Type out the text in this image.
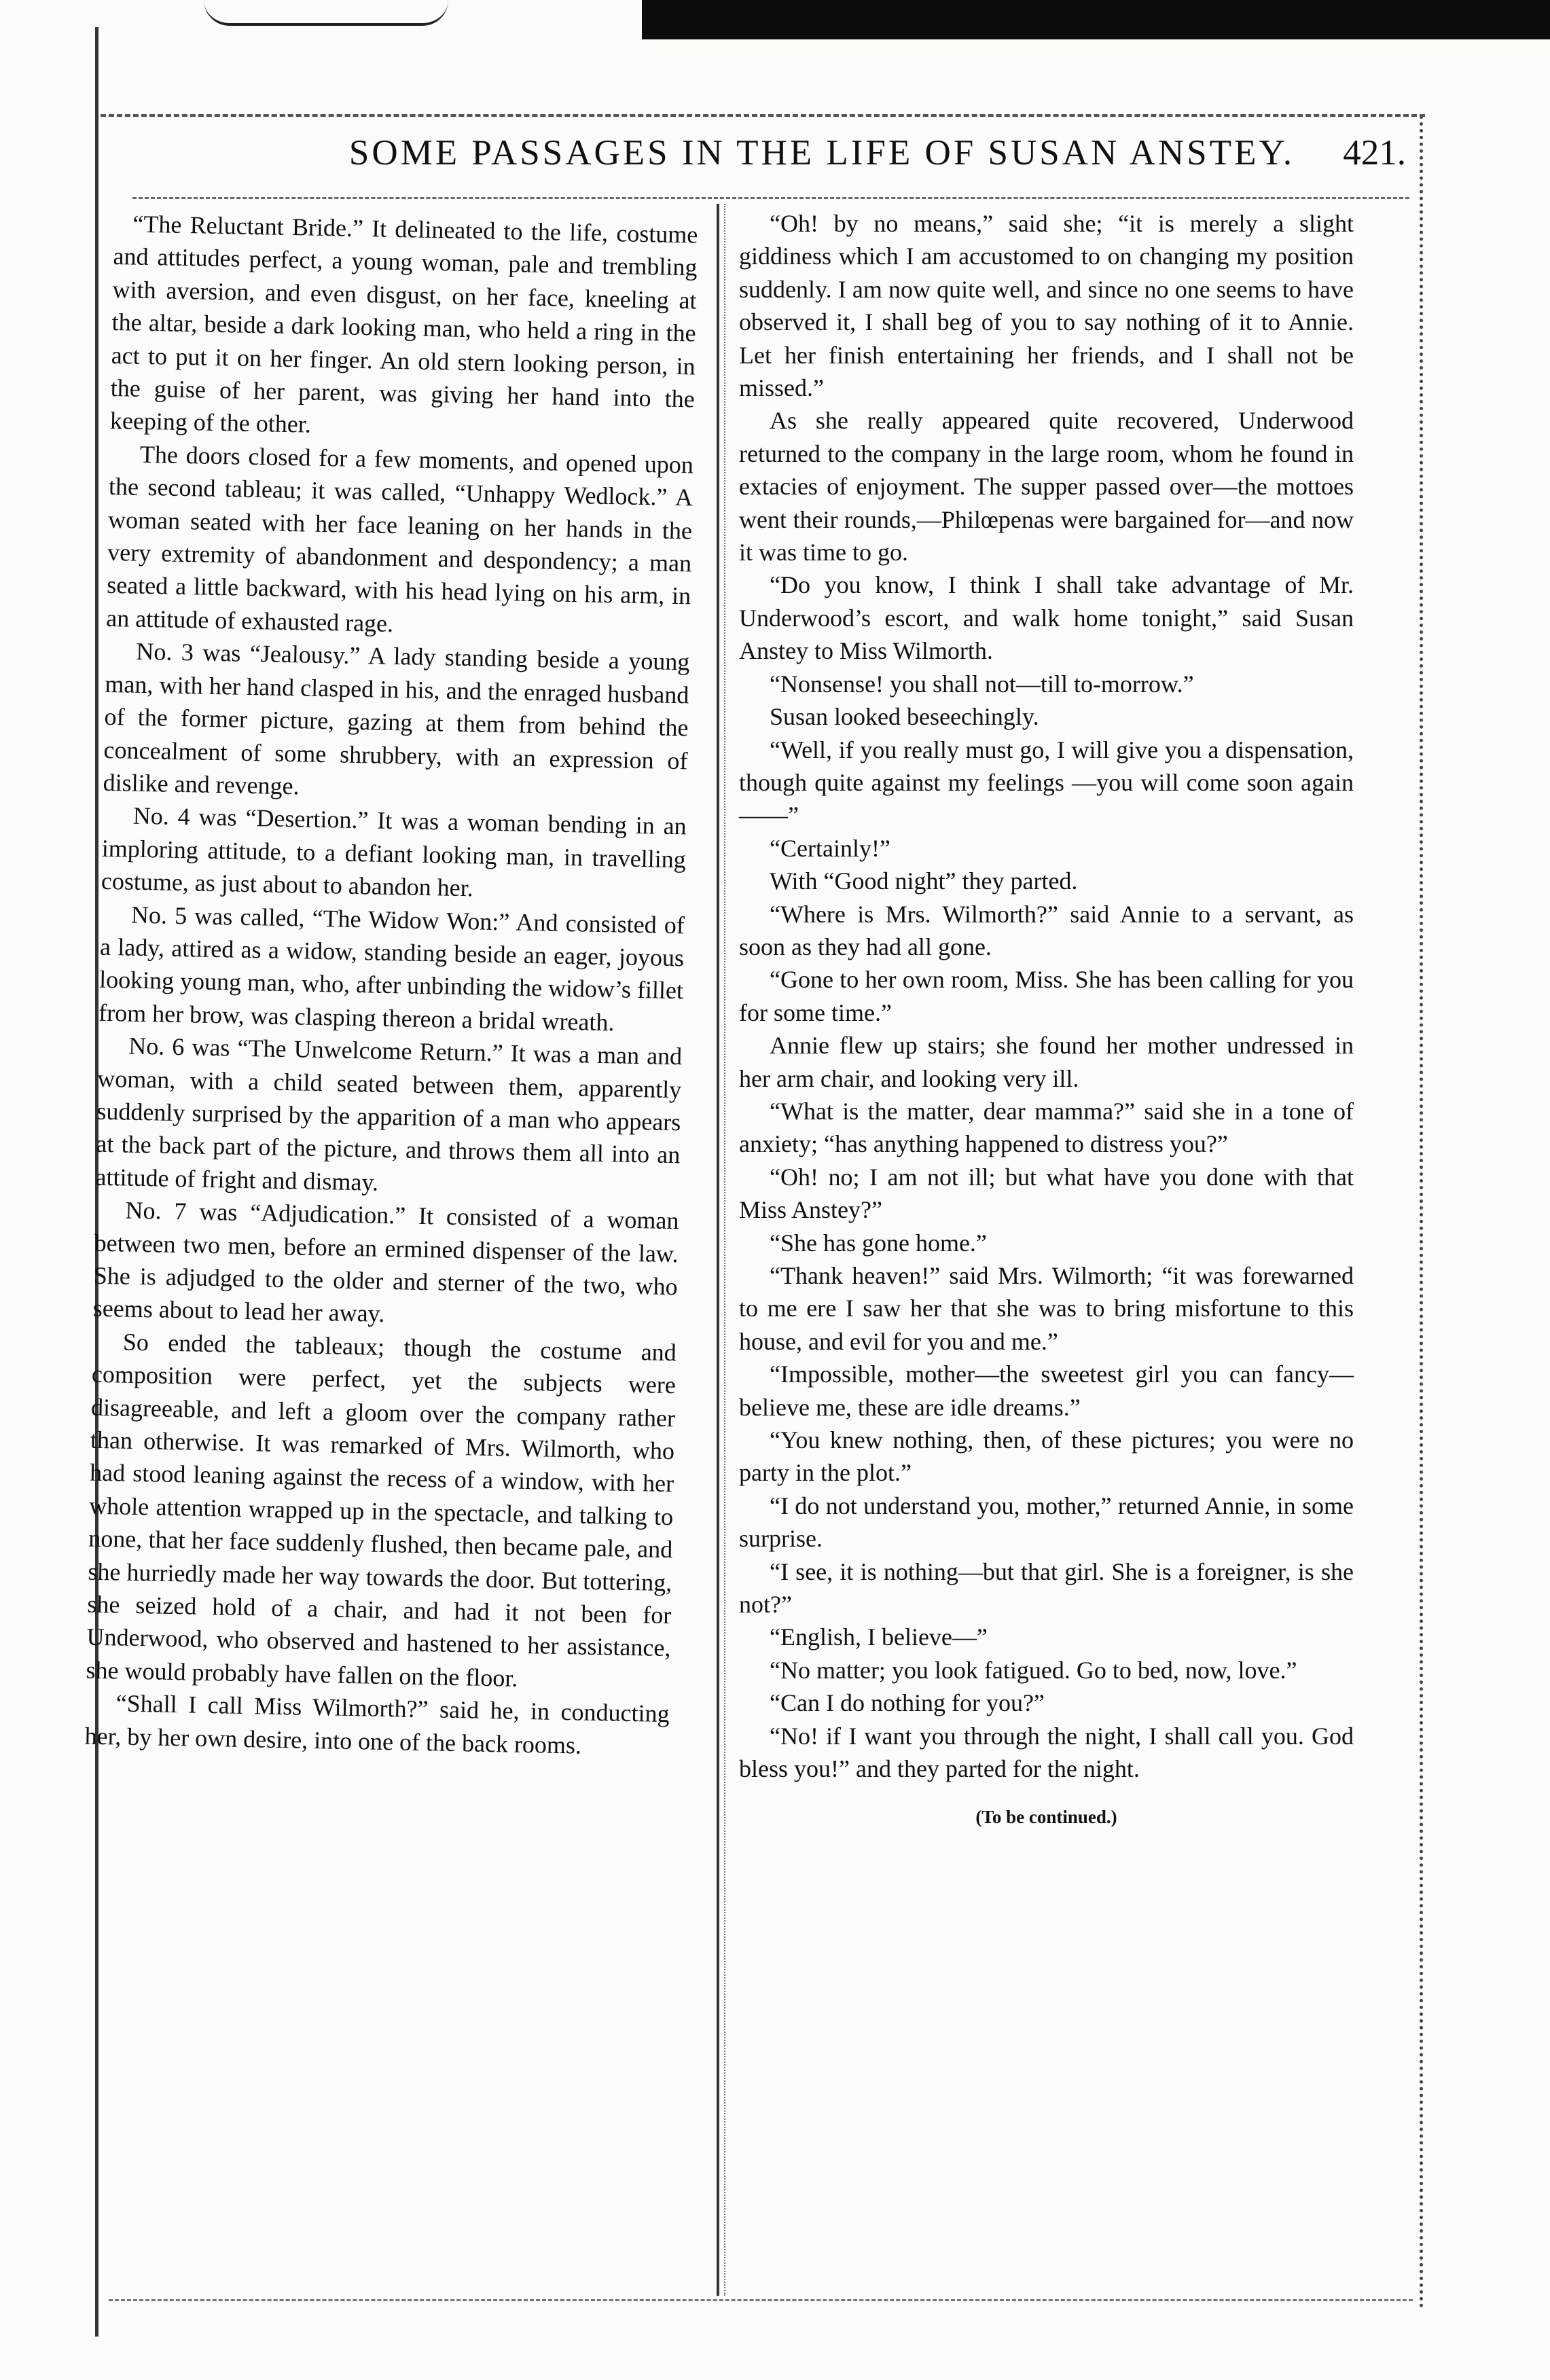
SOME PASSAGES IN THE LIFE OF SUSAN ANSTEY.	421.

“The Reluctant Bride.” It delineated to the life, costume and attitudes perfect, a young woman, pale and trembling with aversion, and even disgust, on her face, kneeling at the altar, beside a dark looking man, who held a ring in the act to put it on her finger. An old stern looking person, in the guise of her parent, was giving her hand into the keeping of the other.

The doors closed for a few moments, and opened upon the second tableau; it was called, “Unhappy Wedlock.” A woman seated with her face leaning on her hands in the very extremity of abandonment and despondency; a man seated a little backward, with his head lying on his arm, in an attitude of exhausted rage.

No. 3 was “Jealousy.” A lady standing beside a young man, with her hand clasped in his, and the enraged husband of the former picture, gazing at them from behind the concealment of some shrubbery, with an expression of dislike and revenge.

No. 4 was “Desertion.” It was a woman bending in an imploring attitude, to a defiant looking man, in travelling costume, as just about to abandon her.

No. 5 was called, “The Widow Won:” And consisted of a lady, attired as a widow, standing beside an eager, joyous looking young man, who, after unbinding the widow’s fillet from her brow, was clasping thereon a bridal wreath.

No. 6 was “The Unwelcome Return.” It was a man and woman, with a child seated between them, apparently suddenly surprised by the apparition of a man who appears at the back part of the picture, and throws them all into an attitude of fright and dismay.

No. 7 was “Adjudication.” It consisted of a woman between two men, before an ermined dispenser of the law. She is adjudged to the older and sterner of the two, who seems about to lead her away.

So ended the tableaux; though the costume and composition were perfect, yet the subjects were disagreeable, and left a gloom over the company rather than otherwise. It was remarked of Mrs. Wilmorth, who had stood leaning against the recess of a window, with her whole attention wrapped up in the spectacle, and talking to none, that her face suddenly flushed, then became pale, and she hurriedly made her way towards the door. But tottering, she seized hold of a chair, and had it not been for Underwood, who observed and hastened to her assistance, she would probably have fallen on the floor.

“Shall I call Miss Wilmorth?” said he, in conducting her, by her own desire, into one of the back rooms.

“Oh! by no means,” said she; “it is merely a slight giddiness which I am accustomed to on changing my position suddenly. I am now quite well, and since no one seems to have observed it, I shall beg of you to say nothing of it to Annie. Let her finish entertaining her friends, and I shall not be missed.”

As she really appeared quite recovered, Underwood returned to the company in the large room, whom he found in extacies of enjoyment. The supper passed over—the mottoes went their rounds,—Philœpenas were bargained for—and now it was time to go.

“Do you know, I think I shall take advantage of Mr. Underwood’s escort, and walk home tonight,” said Susan Anstey to Miss Wilmorth.

“Nonsense! you shall not—till to-morrow.”

Susan looked beseechingly.

“Well, if you really must go, I will give you a dispensation, though quite against my feelings —you will come soon again——”

“Certainly!”

With “Good night” they parted.

“Where is Mrs. Wilmorth?” said Annie to a servant, as soon as they had all gone.

“Gone to her own room, Miss. She has been calling for you for some time.”

Annie flew up stairs; she found her mother undressed in her arm chair, and looking very ill.

“What is the matter, dear mamma?” said she in a tone of anxiety; “has anything happened to distress you?”

“Oh! no; I am not ill; but what have you done with that Miss Anstey?”

“She has gone home.”

“Thank heaven!” said Mrs. Wilmorth; “it was forewarned to me ere I saw her that she was to bring misfortune to this house, and evil for you and me.”

“Impossible, mother—the sweetest girl you can fancy—believe me, these are idle dreams.”

“You knew nothing, then, of these pictures; you were no party in the plot.”

“I do not understand you, mother,” returned Annie, in some surprise.

“I see, it is nothing—but that girl. She is a foreigner, is she not?”

“English, I believe—”

“No matter; you look fatigued. Go to bed, now, love.”

“Can I do nothing for you?”

“No! if I want you through the night, I shall call you. God bless you!” and they parted for the night.

(To be continued.)
